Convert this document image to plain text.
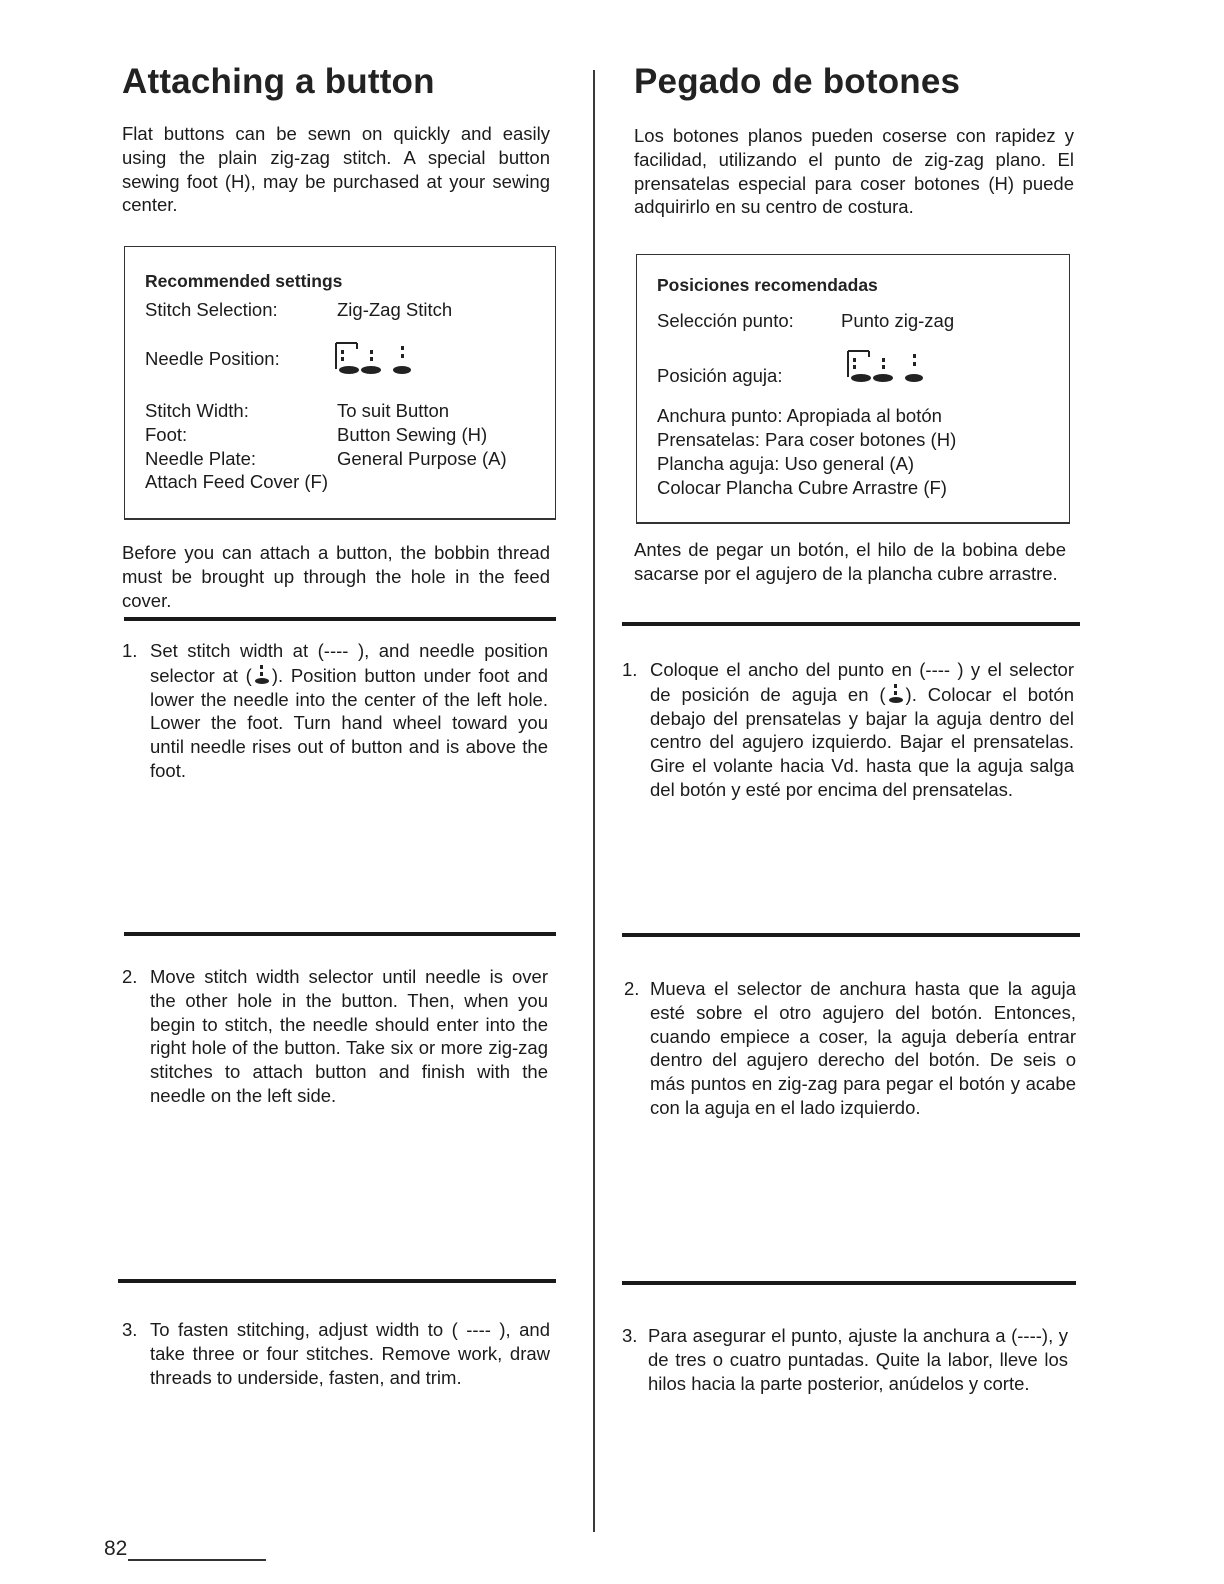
Attaching a button

Flat buttons can be sewn on quickly and easily using the plain zig-zag stitch. A special button sewing foot (H), may be purchased at your sewing center.

Recommended settings
Stitch Selection:	Zig-Zag Stitch
Needle Position:
Stitch Width:	To suit Button
Foot:	Button Sewing (H)
Needle Plate:	General Purpose (A)
Attach Feed Cover (F)

Before you can attach a button, the bobbin thread must be brought up through the hole in the feed cover.

1. Set stitch width at (---- ), and needle position selector at ( ). Position button under foot and lower the needle into the center of the left hole. Lower the foot. Turn hand wheel toward you until needle rises out of button and is above the foot.

2. Move stitch width selector until needle is over the other hole in the button. Then, when you begin to stitch, the needle should enter into the right hole of the button. Take six or more zig-zag stitches to attach button and finish with the needle on the left side.

3. To fasten stitching, adjust width to ( ---- ), and take three or four stitches. Remove work, draw threads to underside, fasten, and trim.

Pegado de botones

Los botones planos pueden coserse con rapidez y facilidad, utilizando el punto de zig-zag plano. El prensatelas especial para coser botones (H) puede adquirirlo en su centro de costura.

Posiciones recomendadas
Selección punto:	Punto zig-zag
Posición aguja:
Anchura punto: Apropiada al botón
Prensatelas: Para coser botones (H)
Plancha aguja: Uso general (A)
Colocar Plancha Cubre Arrastre (F)

Antes de pegar un botón, el hilo de la bobina debe sacarse por el agujero de la plancha cubre arrastre.

1. Coloque el ancho del punto en (---- ) y el selector de posición de aguja en ( ). Colocar el botón debajo del prensatelas y bajar la aguja dentro del centro del agujero izquierdo. Bajar el prensatelas. Gire el volante hacia Vd. hasta que la aguja salga del botón y esté por encima del prensatelas.

2. Mueva el selector de anchura hasta que la aguja esté sobre el otro agujero del botón. Entonces, cuando empiece a coser, la aguja debería entrar dentro del agujero derecho del botón. De seis o más puntos en zig-zag para pegar el botón y acabe con la aguja en el lado izquierdo.

3. Para asegurar el punto, ajuste la anchura a (----), y de tres o cuatro puntadas. Quite la labor, lleve los hilos hacia la parte posterior, anúdelos y corte.

82
